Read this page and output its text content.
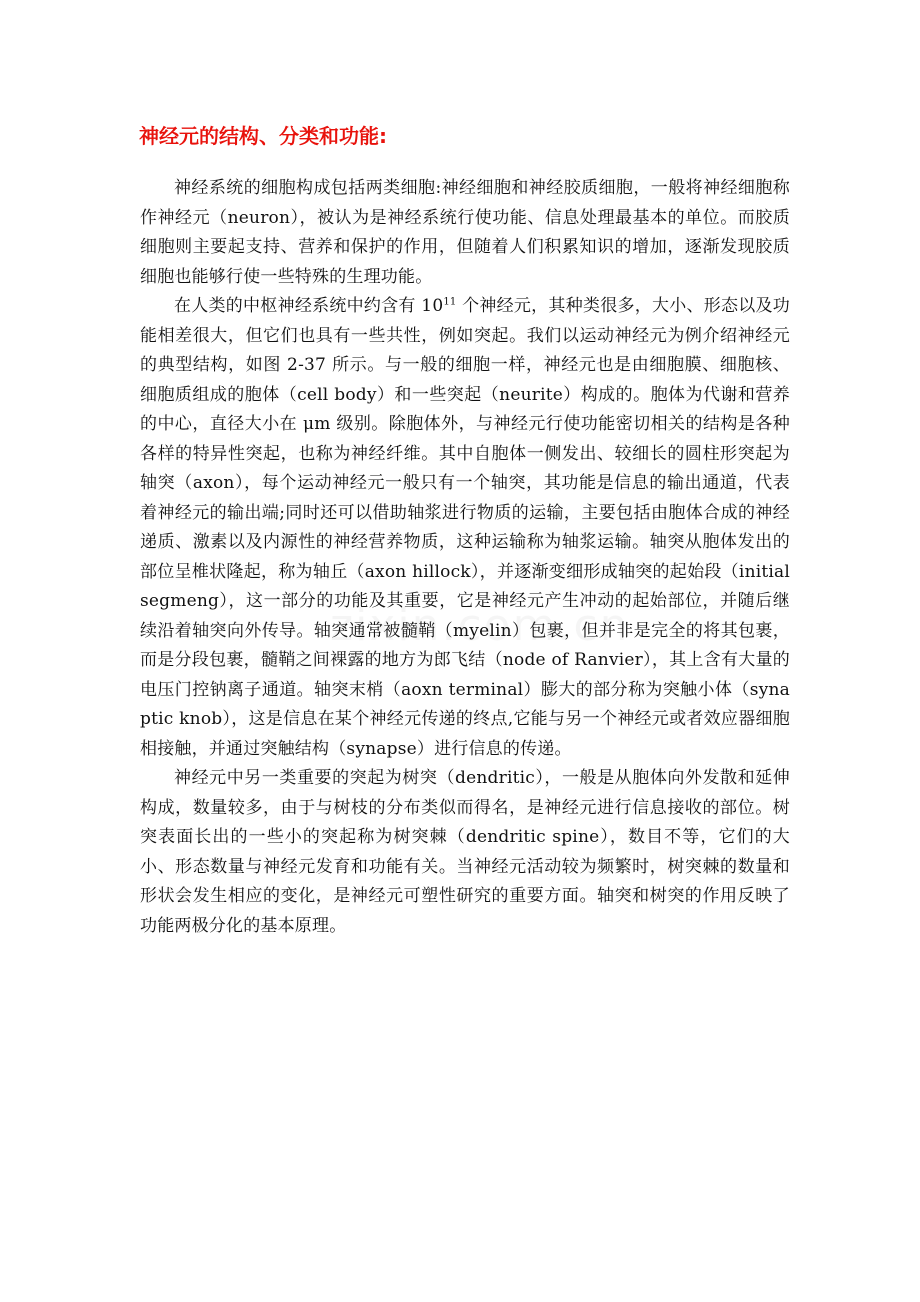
神经元的结构、分类和功能:

神经系统的细胞构成包括两类细胞:神经细胞和神经胶质细胞，一般将神经细胞称作神经元（neuron），被认为是神经系统行使功能、信息处理最基本的单位。而胶质细胞则主要起支持、营养和保护的作用，但随着人们积累知识的增加，逐渐发现胶质细胞也能够行使一些特殊的生理功能。

在人类的中枢神经系统中约含有 $10^{11}$ 个神经元，其种类很多，大小、形态以及功能相差很大，但它们也具有一些共性，例如突起。我们以运动神经元为例介绍神经元的典型结构，如图 2-37 所示。与一般的细胞一样，神经元也是由细胞膜、细胞核、细胞质组成的胞体（cell body）和一些突起（neurite）构成的。胞体为代谢和营养的中心，直径大小在 μm 级别。除胞体外，与神经元行使功能密切相关的结构是各种各样的特异性突起，也称为神经纤维。其中自胞体一侧发出、较细长的圆柱形突起为轴突（axon），每个运动神经元一般只有一个轴突，其功能是信息的输出通道，代表着神经元的输出端;同时还可以借助轴浆进行物质的运输，主要包括由胞体合成的神经递质、激素以及内源性的神经营养物质，这种运输称为轴浆运输。轴突从胞体发出的部位呈椎状隆起，称为轴丘（axon hillock），并逐渐变细形成轴突的起始段（initial segmeng），这一部分的功能及其重要，它是神经元产生冲动的起始部位，并随后继续沿着轴突向外传导。轴突通常被髓鞘（myelin）包裹，但并非是完全的将其包裹，而是分段包裹，髓鞘之间裸露的地方为郎飞结（node of Ranvier），其上含有大量的电压门控钠离子通道。轴突末梢（aoxn terminal）膨大的部分称为突触小体（synaptic knob），这是信息在某个神经元传递的终点,它能与另一个神经元或者效应器细胞相接触，并通过突触结构（synapse）进行信息的传递。

神经元中另一类重要的突起为树突（dendritic），一般是从胞体向外发散和延伸构成，数量较多，由于与树枝的分布类似而得名，是神经元进行信息接收的部位。树突表面长出的一些小的突起称为树突棘（dendritic spine），数目不等，它们的大小、形态数量与神经元发育和功能有关。当神经元活动较为频繁时，树突棘的数量和形状会发生相应的变化，是神经元可塑性研究的重要方面。轴突和树突的作用反映了功能两极分化的基本原理。
